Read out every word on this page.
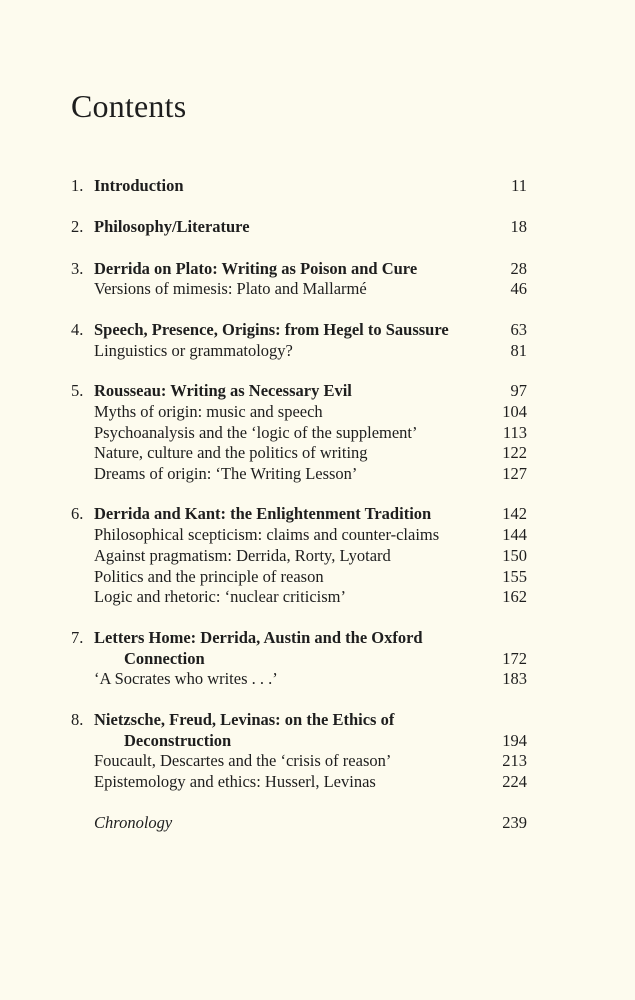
Contents
1. Introduction	11
2. Philosophy/Literature	18
3. Derrida on Plato: Writing as Poison and Cure	28
Versions of mimesis: Plato and Mallarmé	46
4. Speech, Presence, Origins: from Hegel to Saussure	63
Linguistics or grammatology?	81
5. Rousseau: Writing as Necessary Evil	97
Myths of origin: music and speech	104
Psychoanalysis and the ‘logic of the supplement’	113
Nature, culture and the politics of writing	122
Dreams of origin: ‘The Writing Lesson’	127
6. Derrida and Kant: the Enlightenment Tradition	142
Philosophical scepticism: claims and counter-claims	144
Against pragmatism: Derrida, Rorty, Lyotard	150
Politics and the principle of reason	155
Logic and rhetoric: ‘nuclear criticism’	162
7. Letters Home: Derrida, Austin and the Oxford
Connection	172
‘A Socrates who writes . . .’	183
8. Nietzsche, Freud, Levinas: on the Ethics of
Deconstruction	194
Foucault, Descartes and the ‘crisis of reason’	213
Epistemology and ethics: Husserl, Levinas	224
Chronology	239
